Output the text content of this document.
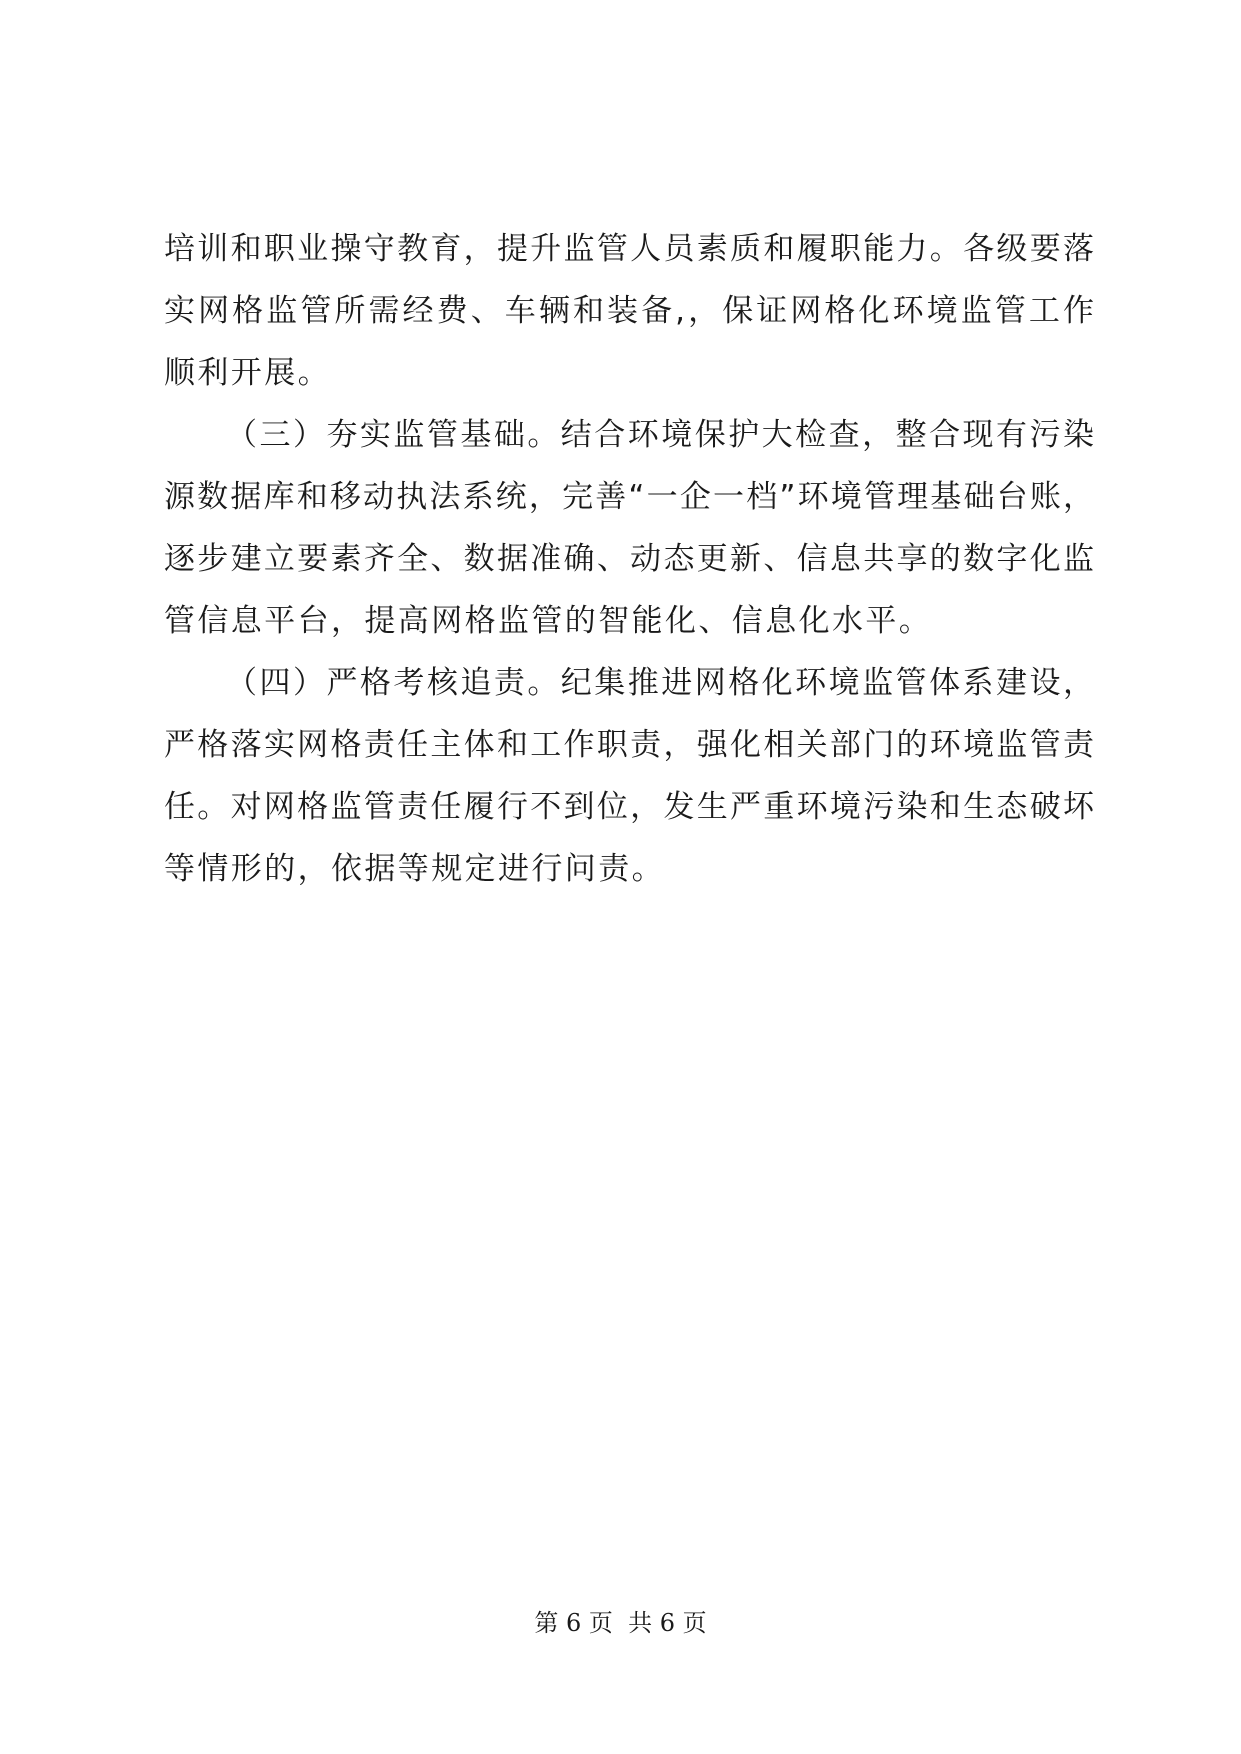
培训和职业操守教育，提升监管人员素质和履职能力。各级要落
实网格监管所需经费、车辆和装备,，保证网格化环境监管工作
顺利开展。
（三）夯实监管基础。结合环境保护大检查，整合现有污染
源数据库和移动执法系统，完善“一企一档”环境管理基础台账，
逐步建立要素齐全、数据准确、动态更新、信息共享的数字化监
管信息平台，提高网格监管的智能化、信息化水平。
（四）严格考核追责。纪集推进网格化环境监管体系建设，
严格落实网格责任主体和工作职责，强化相关部门的环境监管责
任。对网格监管责任履行不到位，发生严重环境污染和生态破坏
等情形的，依据等规定进行问责。
第 6 页 共 6 页
